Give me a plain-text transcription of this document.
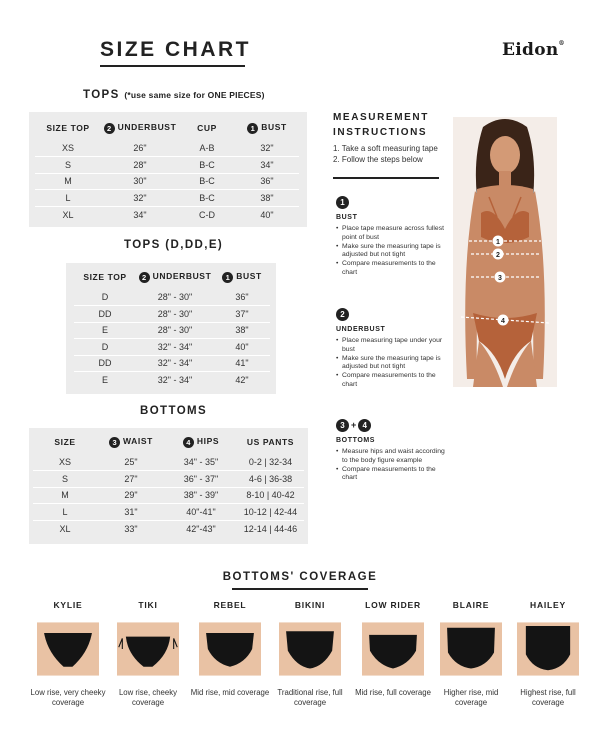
SIZE CHART	Eidon®
TOPS (*use same size for ONE PIECES)
SIZE TOP	2 UNDERBUST	CUP	1 BUST
XS	26"	A-B	32"
S	28"	B-C	34"
M	30"	B-C	36"
L	32"	B-C	38"
XL	34"	C-D	40"
TOPS (D,DD,E)
SIZE TOP	2 UNDERBUST	1 BUST
D	28" - 30"	36"
DD	28" - 30"	37"
E	28" - 30"	38"
D	32" - 34"	40"
DD	32" - 34"	41"
E	32" - 34"	42"
BOTTOMS
SIZE	3 WAIST	4 HIPS	US PANTS
XS	25"	34" - 35"	0-2 | 32-34
S	27"	36" - 37"	4-6 | 36-38
M	29"	38" - 39"	8-10 | 40-42
L	31"	40"-41"	10-12 | 42-44
XL	33"	42"-43"	12-14 | 44-46
MEASUREMENT INSTRUCTIONS
1. Take a soft measuring tape
2. Follow the steps below
1
BUST
• Place tape measure across fullest point of bust
• Make sure the measuring tape is adjusted but not tight
• Compare measurements to the chart
2
UNDERBUST
• Place measuring tape under your bust
• Make sure the measuring tape is adjusted but not tight
• Compare measurements to the chart
3 + 4
BOTTOMS
• Measure hips and waist according to the body figure example
• Compare measurements to the chart
1
2
3
4
BOTTOMS' COVERAGE
KYLIE
Low rise, very cheeky coverage
TIKI
Low rise, cheeky coverage
REBEL
Mid rise, mid coverage
BIKINI
Traditional rise, full coverage
LOW RIDER
Mid rise, full coverage
BLAIRE
Higher rise, mid coverage
HAILEY
Highest rise, full coverage
